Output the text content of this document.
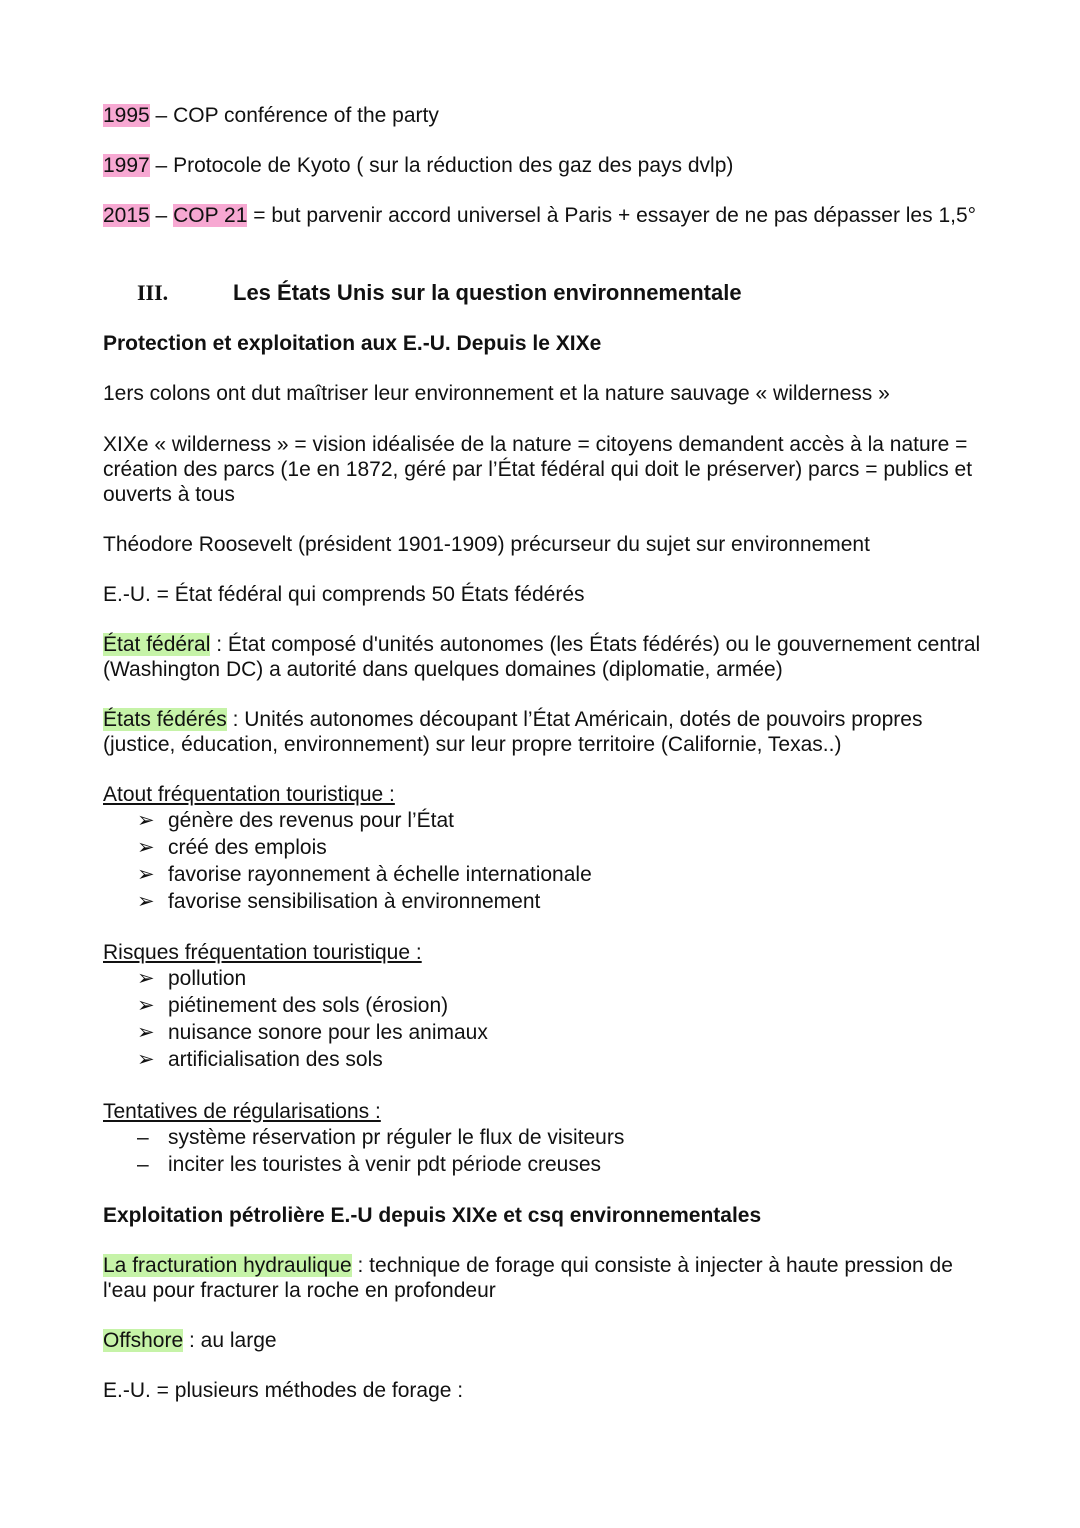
1995 – COP conférence of the party

1997 – Protocole de Kyoto ( sur la réduction des gaz des pays dvlp)

2015 – COP 21 = but parvenir accord universel à Paris + essayer de ne pas dépasser les 1,5°

III.	Les États Unis sur la question environnementale

Protection et exploitation aux E.-U. Depuis le XIXe

1ers colons ont dut maîtriser leur environnement et la nature sauvage « wilderness »

XIXe « wilderness » = vision idéalisée de la nature = citoyens demandent accès à la nature = création des parcs (1e en 1872, géré par l’État fédéral qui doit le préserver) parcs = publics et ouverts à tous

Théodore Roosevelt (président 1901-1909) précurseur du sujet sur environnement

E.-U. = État fédéral qui comprends 50 États fédérés

État fédéral : État composé d'unités autonomes (les États fédérés) ou le gouvernement central (Washington DC) a autorité dans quelques domaines (diplomatie, armée)

États fédérés : Unités autonomes découpant l’État Américain, dotés de pouvoirs propres (justice, éducation, environnement) sur leur propre territoire (Californie, Texas..)

Atout fréquentation touristique :
➢ génère des revenus pour l’État
➢ créé des emplois
➢ favorise rayonnement à échelle internationale
➢ favorise sensibilisation à environnement
Risques fréquentation touristique :
➢ pollution
➢ piétinement des sols (érosion)
➢ nuisance sonore pour les animaux
➢ artificialisation des sols
Tentatives de régularisations :
– système réservation pr réguler le flux de visiteurs
– inciter les touristes à venir pdt période creuses

Exploitation pétrolière E.-U depuis XIXe et csq environnementales

La fracturation hydraulique : technique de forage qui consiste à injecter à haute pression de l'eau pour fracturer la roche en profondeur

Offshore : au large

E.-U. = plusieurs méthodes de forage :
